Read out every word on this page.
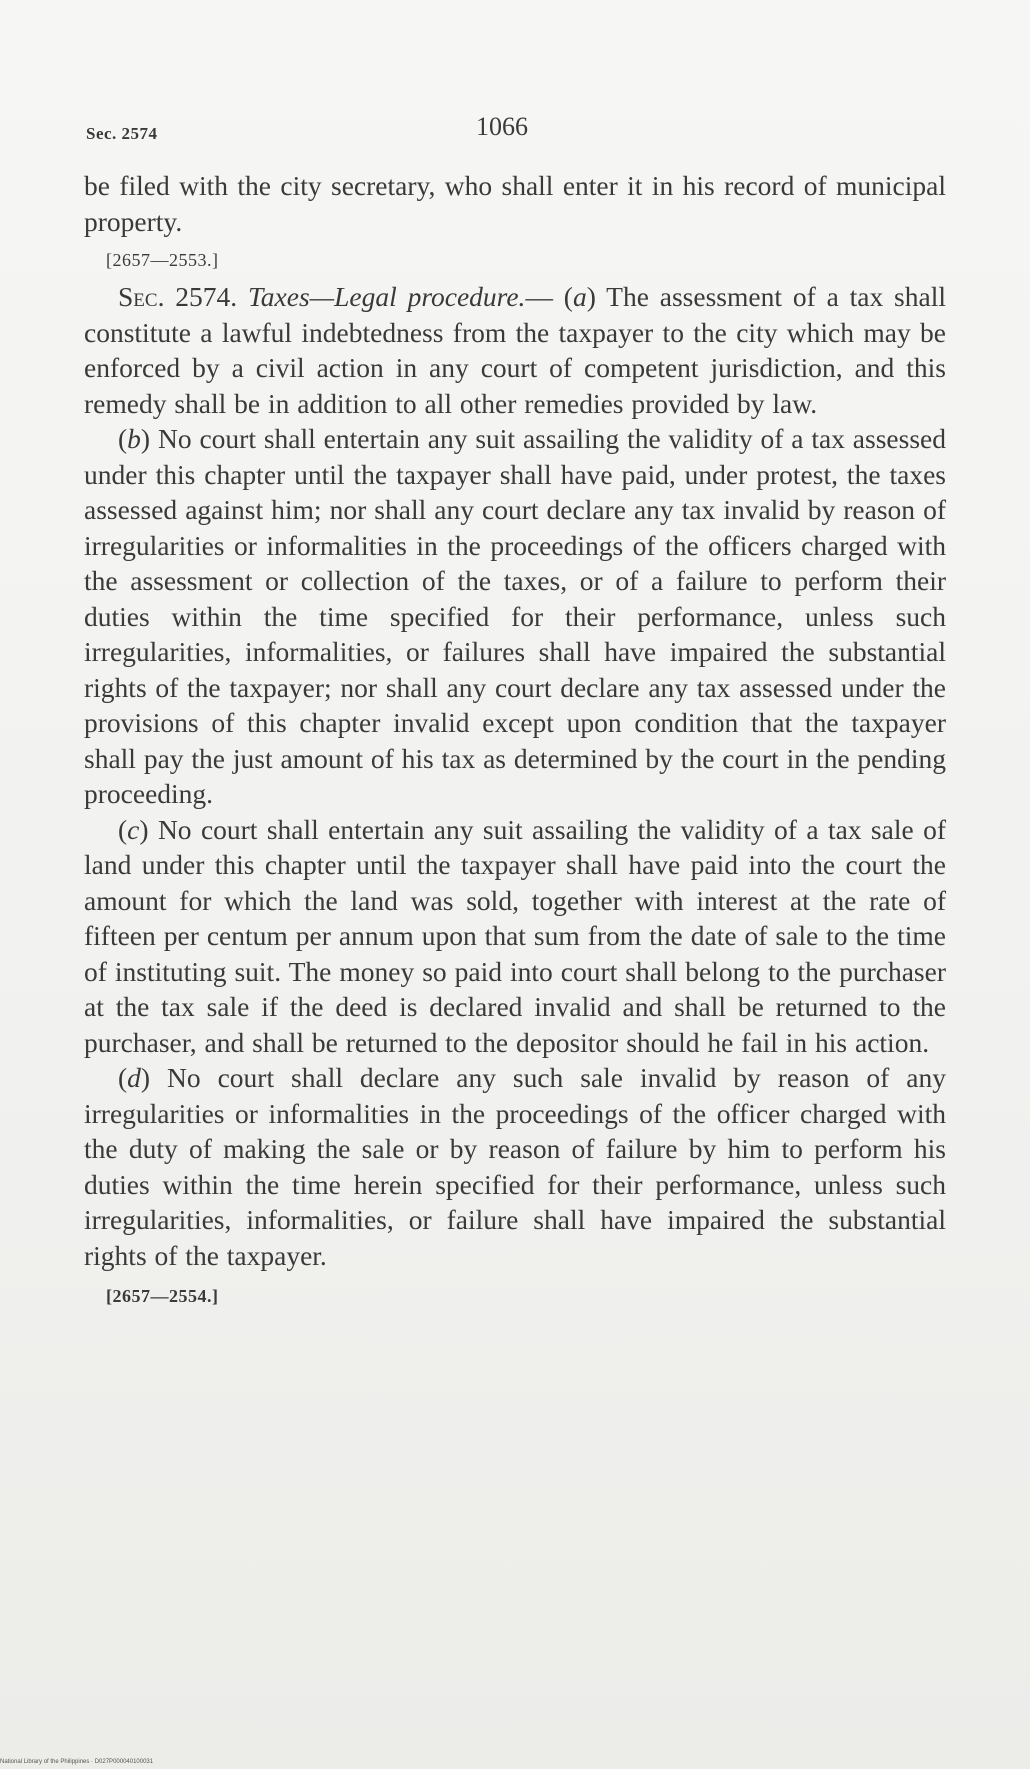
Sec. 2574	1066

be filed with the city secretary, who shall enter it in his record of municipal property.

[2657—2553.]

Sec. 2574. Taxes—Legal procedure.— (a) The assessment of a tax shall constitute a lawful indebtedness from the taxpayer to the city which may be enforced by a civil action in any court of competent jurisdiction, and this remedy shall be in addition to all other remedies provided by law.

(b) No court shall entertain any suit assailing the validity of a tax assessed under this chapter until the taxpayer shall have paid, under protest, the taxes assessed against him; nor shall any court declare any tax invalid by reason of irregularities or informalities in the proceedings of the officers charged with the assessment or collection of the taxes, or of a failure to perform their duties within the time specified for their performance, unless such irregularities, informalities, or failures shall have impaired the substantial rights of the taxpayer; nor shall any court declare any tax assessed under the provisions of this chapter invalid except upon condition that the taxpayer shall pay the just amount of his tax as determined by the court in the pending proceeding.

(c) No court shall entertain any suit assailing the validity of a tax sale of land under this chapter until the taxpayer shall have paid into the court the amount for which the land was sold, together with interest at the rate of fifteen per centum per annum upon that sum from the date of sale to the time of instituting suit. The money so paid into court shall belong to the purchaser at the tax sale if the deed is declared invalid and shall be returned to the purchaser, and shall be returned to the depositor should he fail in his action.

(d) No court shall declare any such sale invalid by reason of any irregularities or informalities in the proceedings of the officer charged with the duty of making the sale or by reason of failure by him to perform his duties within the time herein specified for their performance, unless such irregularities, informalities, or failure shall have impaired the substantial rights of the taxpayer.

[2657—2554.]

National Library of the Philippines · D027P000040100031
